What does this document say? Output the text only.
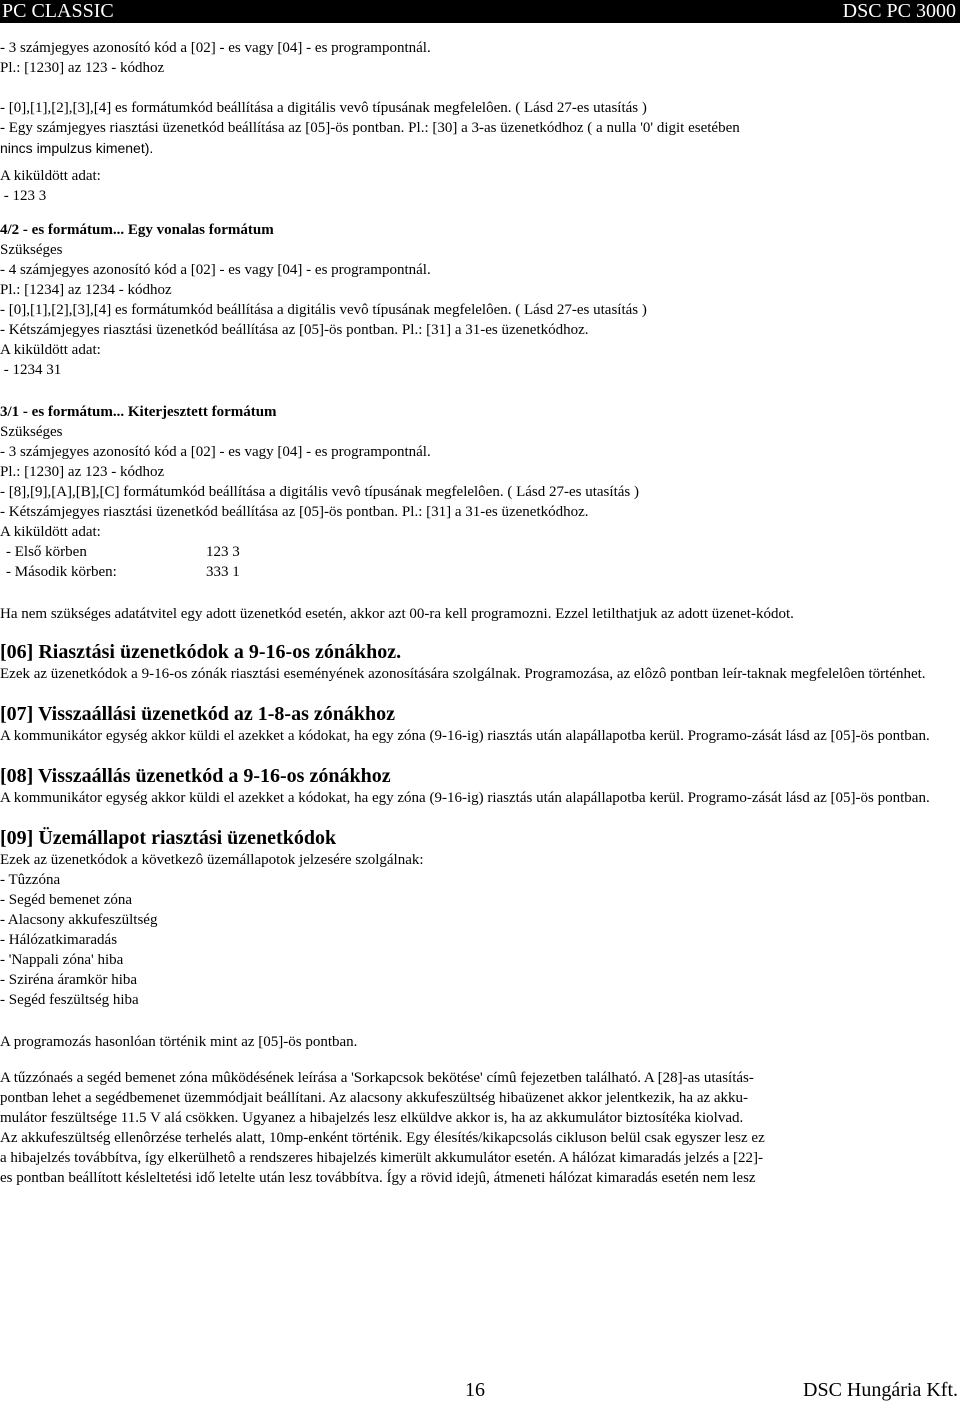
PC CLASSIC	DSC PC 3000
- 3 számjegyes azonosító kód a [02] - es vagy [04] - es programpontnál.
Pl.: [1230] az 123 - kódhoz
- [0],[1],[2],[3],[4] es formátumkód beállítása a digitális vevô típusának megfelelôen. ( Lásd 27-es utasítás )
- Egy számjegyes riasztási üzenetkód beállítása az [05]-ös pontban. Pl.: [30] a 3-as üzenetkódhoz ( a nulla '0' digit esetében
nincs impulzus kimenet).
A kiküldött adat:
- 123 3
4/2 - es formátum... Egy vonalas formátum
Szükséges
- 4 számjegyes azonosító kód a [02] - es vagy [04] - es programpontnál.
Pl.: [1234] az 1234 - kódhoz
- [0],[1],[2],[3],[4] es formátumkód beállítása a digitális vevô típusának megfelelôen. ( Lásd 27-es utasítás )
- Kétszámjegyes riasztási üzenetkód beállítása az [05]-ös pontban. Pl.: [31] a 31-es üzenetkódhoz.
A kiküldött adat:
- 1234 31
3/1 - es formátum... Kiterjesztett formátum
Szükséges
- 3 számjegyes azonosító kód a [02] - es vagy [04] - es programpontnál.
Pl.: [1230] az 123 - kódhoz
- [8],[9],[A],[B],[C] formátumkód beállítása a digitális vevô típusának megfelelôen. ( Lásd 27-es utasítás )
- Kétszámjegyes riasztási üzenetkód beállítása az [05]-ös pontban. Pl.: [31] a 31-es üzenetkódhoz.
A kiküldött adat:
- Első körben	123 3
- Második körben:	333 1
Ha nem szükséges adatátvitel egy adott üzenetkód esetén, akkor azt 00-ra kell programozni. Ezzel letilthatjuk az adott üzenet-kódot.
[06] Riasztási üzenetkódok a 9-16-os zónákhoz.
Ezek az üzenetkódok a 9-16-os zónák riasztási eseményének azonosítására szolgálnak. Programozása, az elôzô pontban leír-taknak megfelelôen történhet.
[07] Visszaállási üzenetkód az 1-8-as zónákhoz
A kommunikátor egység akkor küldi el azekket a kódokat, ha egy zóna (9-16-ig) riasztás után alapállapotba kerül. Programo-zását lásd az [05]-ös pontban.
[08] Visszaállás üzenetkód a 9-16-os zónákhoz
A kommunikátor egység akkor küldi el azekket a kódokat, ha egy zóna (9-16-ig) riasztás után alapállapotba kerül. Programo-zását lásd az [05]-ös pontban.
[09] Üzemállapot riasztási üzenetkódok
Ezek az üzenetkódok a következô üzemállapotok jelzesére szolgálnak:
- Tûzzóna
- Segéd bemenet zóna
- Alacsony akkufeszültség
- Hálózatkimaradás
- 'Nappali zóna' hiba
- Sziréna áramkör hiba
- Segéd feszültség hiba
A programozás hasonlóan történik mint az [05]-ös pontban.
A tűzzónaés a segéd bemenet zóna mûködésének leírása a 'Sorkapcsok bekötése' címû fejezetben található. A [28]-as utasítás-
pontban lehet a segédbemenet üzemmódjait beállítani. Az alacsony akkufeszültség hibaüzenet akkor jelentkezik, ha az akku-
mulátor feszültsége 11.5 V alá csökken. Ugyanez a hibajelzés lesz elküldve akkor is, ha az akkumulátor biztosítéka kiolvad.
Az akkufeszültség ellenôrzése terhelés alatt, 10mp-enként történik. Egy élesítés/kikapcsolás cikluson belül csak egyszer lesz ez
a hibajelzés továbbítva, így elkerülhetô a rendszeres hibajelzés kimerült akkumulátor esetén. A hálózat kimaradás jelzés a [22]-
es pontban beállított késleltetési idő letelte után lesz továbbítva. Így a rövid idejû, átmeneti hálózat kimaradás esetén nem lesz
16	DSC Hungária Kft.
